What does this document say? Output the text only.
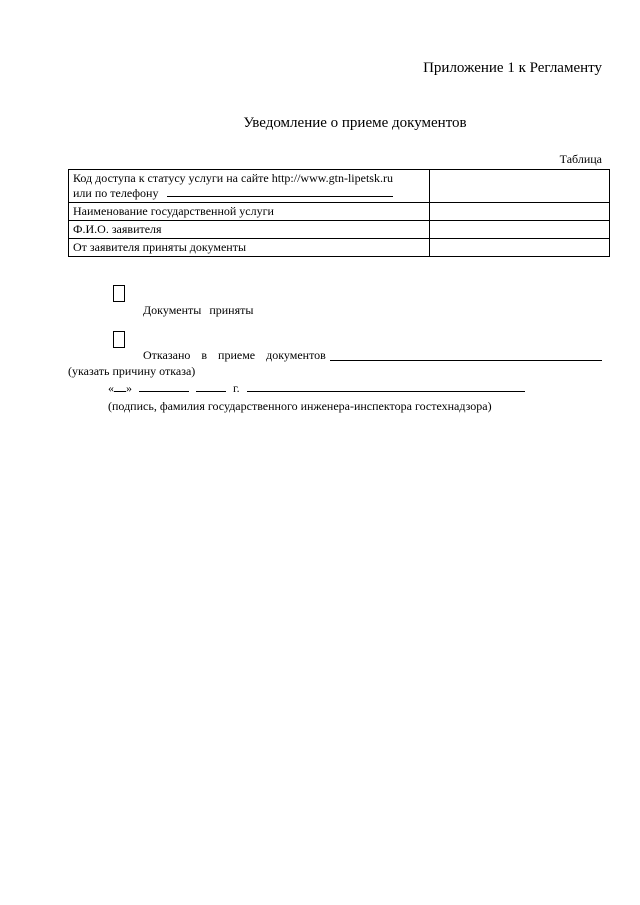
Приложение 1 к Регламенту
Уведомление о приеме документов
Таблица
Код доступа к статусу услуги на сайте http://www.gtn-lipetsk.ru
или по телефону	

Наименование государственной услуги	
Ф.И.О. заявителя	
От заявителя приняты документы	
Документы приняты
Отказано в приеме документов
(указать причину отказа)
« »	г.
(подпись, фамилия государственного инженера-инспектора гостехнадзора)
